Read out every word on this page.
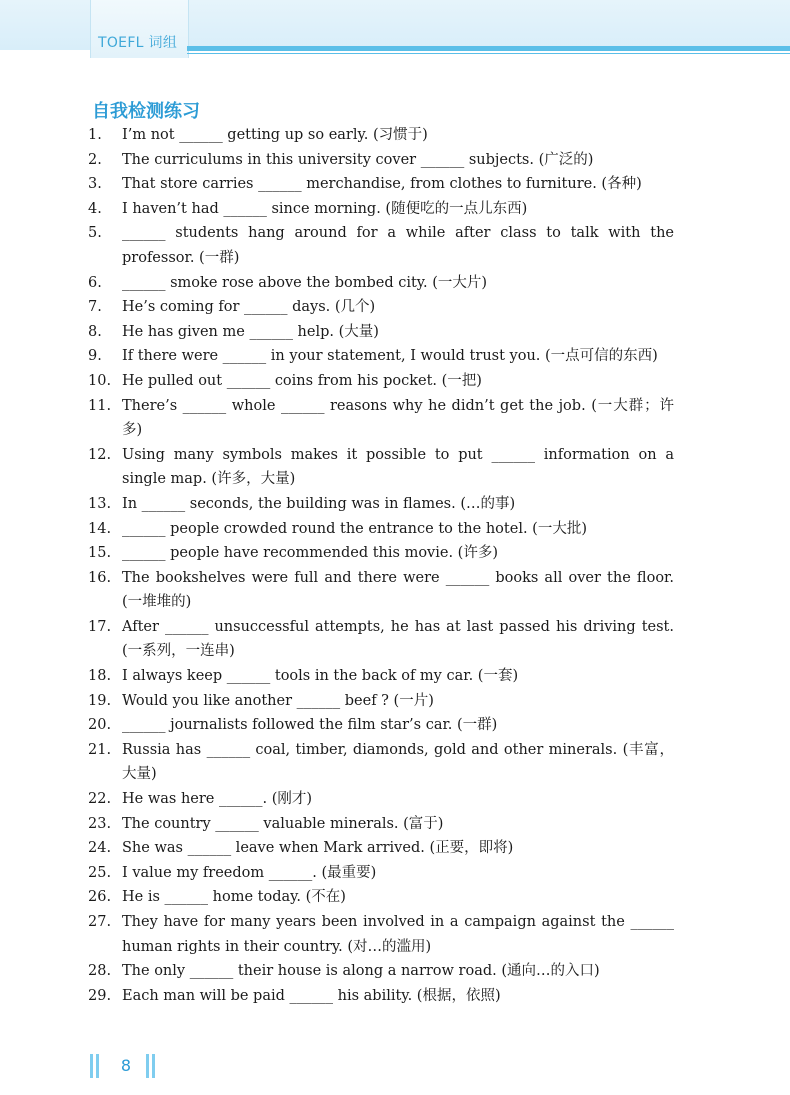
TOEFL 词组
自我检测练习
1.	I’m not ______ getting up so early. (习惯于)
2.	The curriculums in this university cover ______ subjects. (广泛的)
3.	That store carries ______ merchandise, from clothes to furniture. (各种)
4.	I haven’t had ______ since morning. (随便吃的一点儿东西)
5.	______ students hang around for a while after class to talk with the professor. (一群)
6.	______ smoke rose above the bombed city. (一大片)
7.	He’s coming for ______ days. (几个)
8.	He has given me ______ help. (大量)
9.	If there were ______ in your statement, I would trust you. (一点可信的东西)
10. He pulled out ______ coins from his pocket. (一把)
11. There’s ______ whole ______ reasons why he didn’t get the job. (一大群；许多)
12. Using many symbols makes it possible to put ______ information on a single map. (许多，大量)
13. In ______ seconds, the building was in flames. (…的事)
14. ______ people crowded round the entrance to the hotel. (一大批)
15. ______ people have recommended this movie. (许多)
16. The bookshelves were full and there were ______ books all over the floor. (一堆堆的)
17. After ______ unsuccessful attempts, he has at last passed his driving test. (一系列，一连串)
18. I always keep ______ tools in the back of my car. (一套)
19. Would you like another ______ beef ? (一片)
20. ______ journalists followed the film star’s car. (一群)
21. Russia has ______ coal, timber, diamonds, gold and other minerals. (丰富，大量)
22. He was here ______. (刚才)
23. The country ______ valuable minerals. (富于)
24. She was ______ leave when Mark arrived. (正要，即将)
25. I value my freedom ______. (最重要)
26. He is ______ home today. (不在)
27. They have for many years been involved in a campaign against the ______ human rights in their country. (对…的滥用)
28. The only ______ their house is along a narrow road. (通向…的入口)
29. Each man will be paid ______ his ability. (根据，依照)
8
